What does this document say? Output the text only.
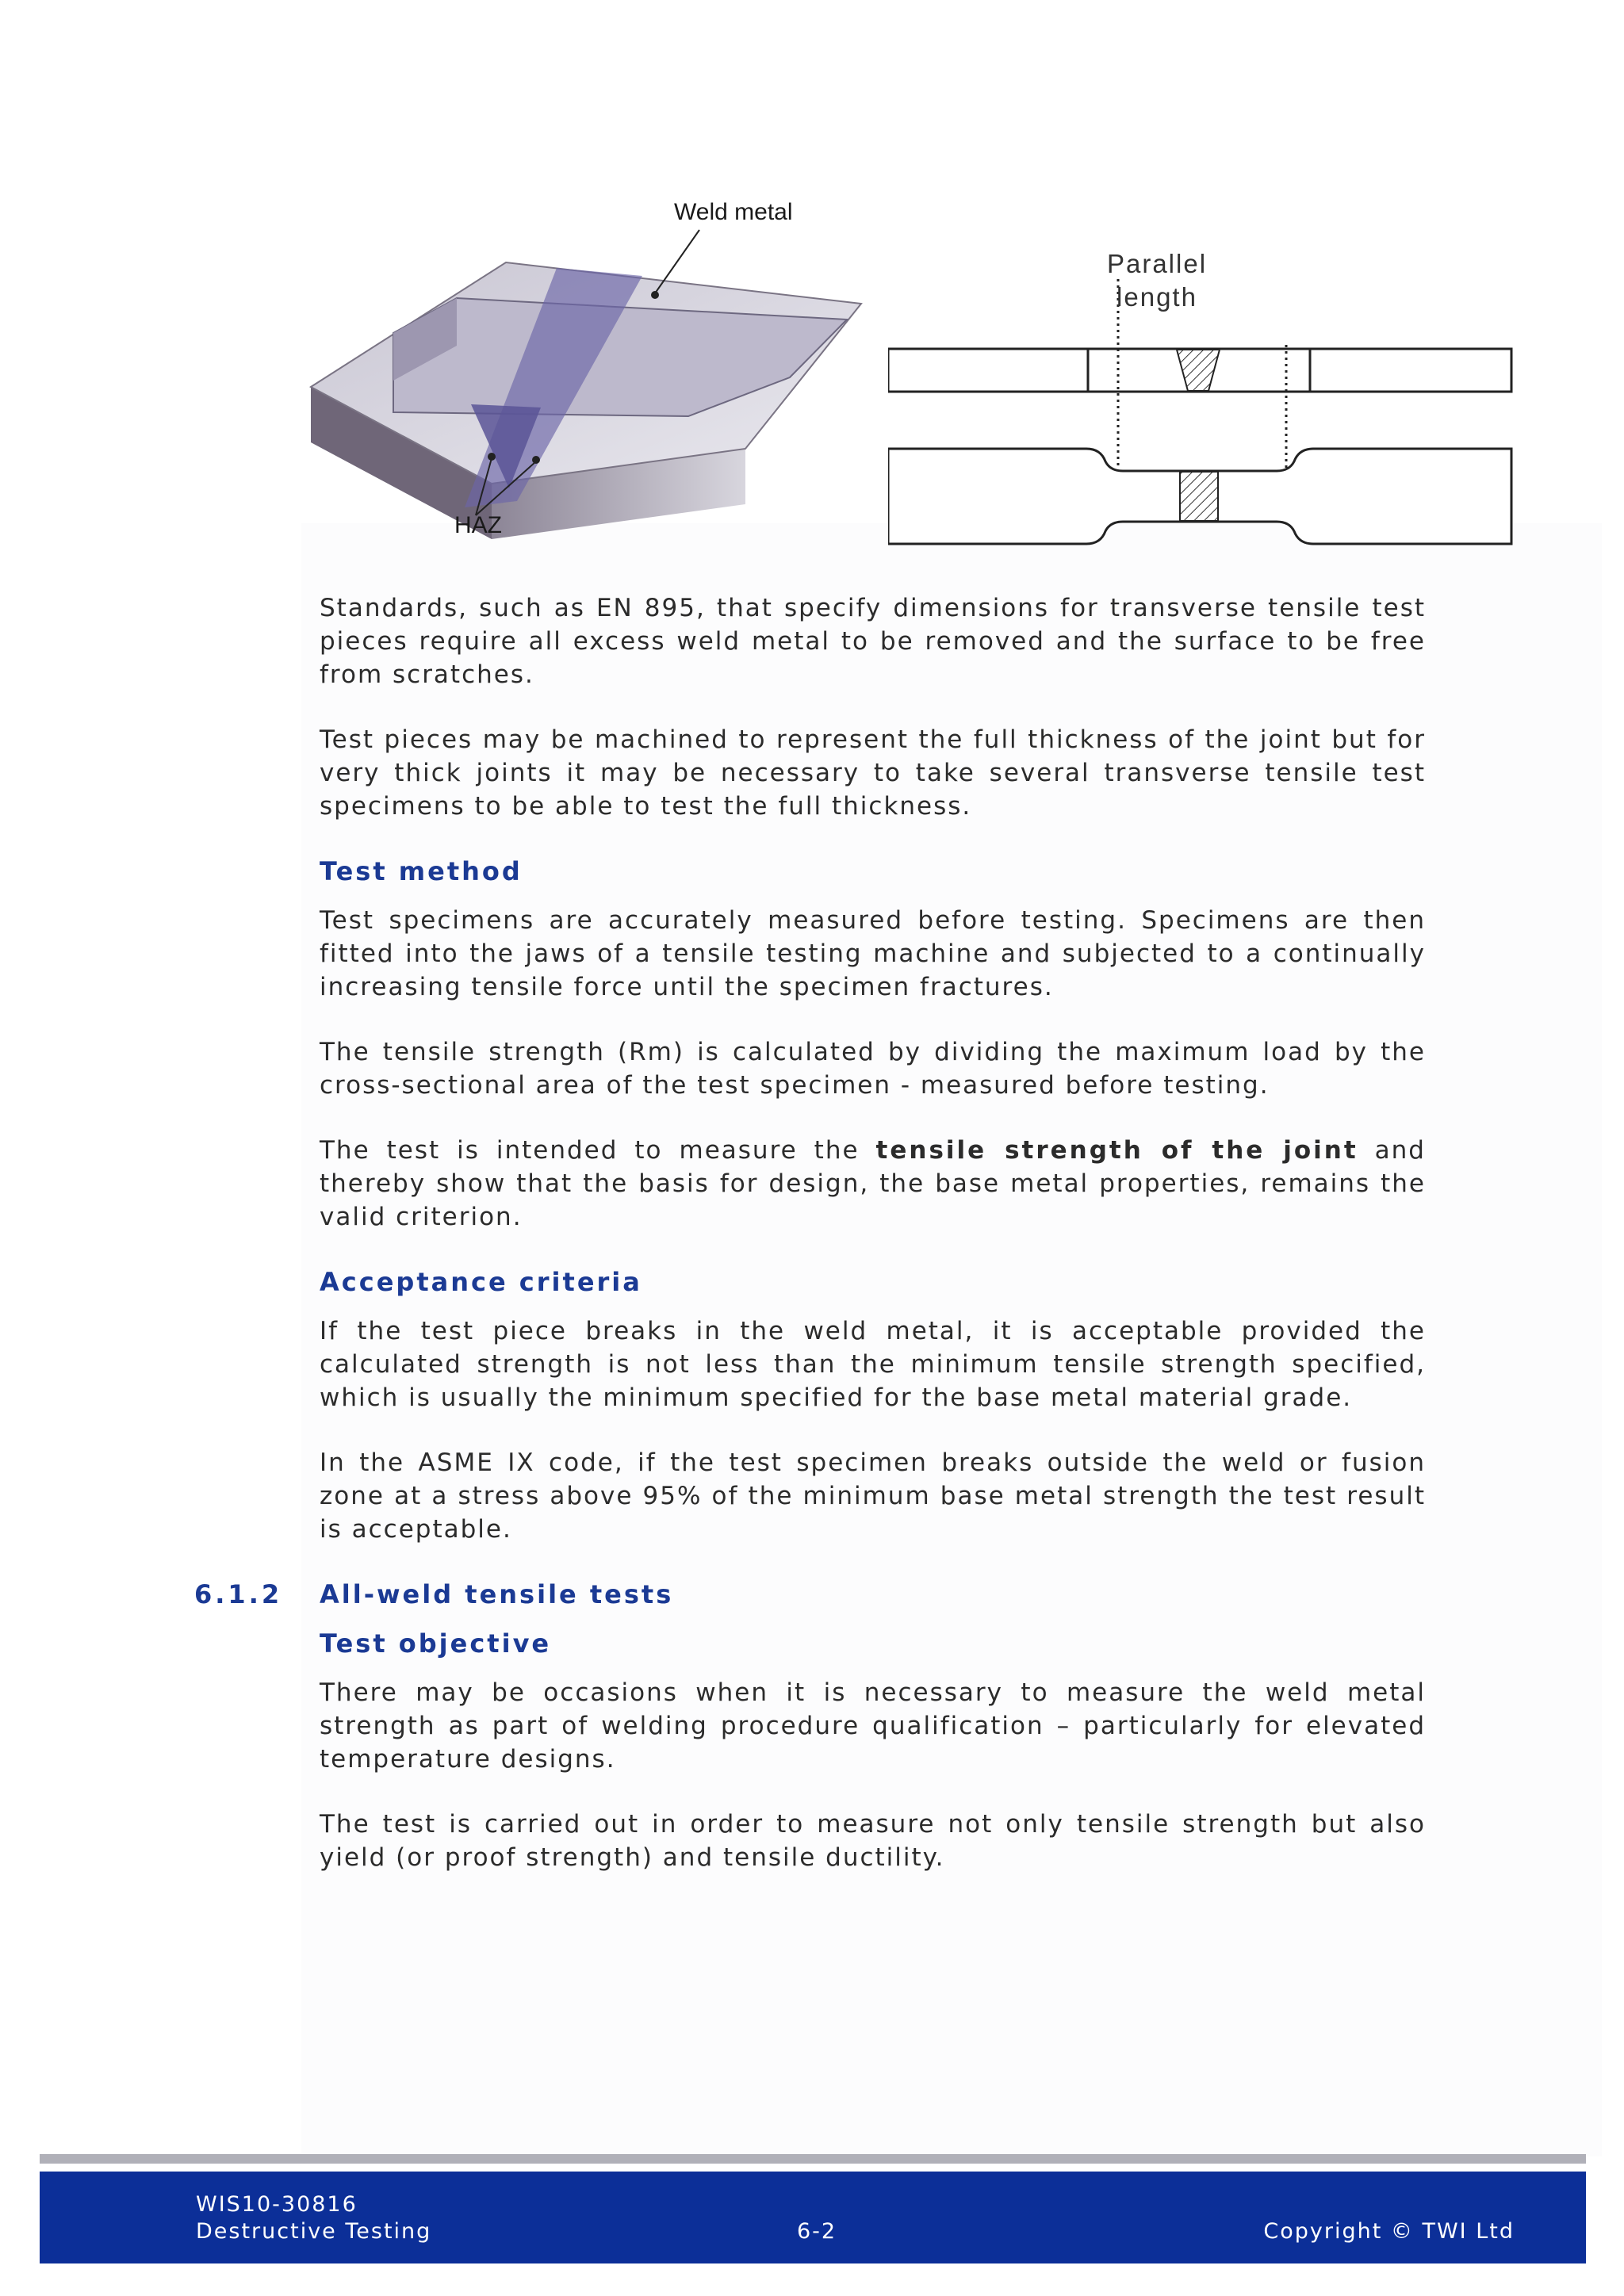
Weld metal
HAZ
Parallel
length

Standards, such as EN 895, that specify dimensions for transverse tensile test pieces require all excess weld metal to be removed and the surface to be free from scratches.

Test pieces may be machined to represent the full thickness of the joint but for very thick joints it may be necessary to take several transverse tensile test specimens to be able to test the full thickness.

Test method

Test specimens are accurately measured before testing. Specimens are then fitted into the jaws of a tensile testing machine and subjected to a continually increasing tensile force until the specimen fractures.

The tensile strength (Rm) is calculated by dividing the maximum load by the cross-sectional area of the test specimen - measured before testing.

The test is intended to measure the tensile strength of the joint and thereby show that the basis for design, the base metal properties, remains the valid criterion.

Acceptance criteria

If the test piece breaks in the weld metal, it is acceptable provided the calculated strength is not less than the minimum tensile strength specified, which is usually the minimum specified for the base metal material grade.

In the ASME IX code, if the test specimen breaks outside the weld or fusion zone at a stress above 95% of the minimum base metal strength the test result is acceptable.

6.1.2 All-weld tensile tests
Test objective

There may be occasions when it is necessary to measure the weld metal strength as part of welding procedure qualification – particularly for elevated temperature designs.

The test is carried out in order to measure not only tensile strength but also yield (or proof strength) and tensile ductility.

WIS10-30816
Destructive Testing	6-2	Copyright © TWI Ltd
